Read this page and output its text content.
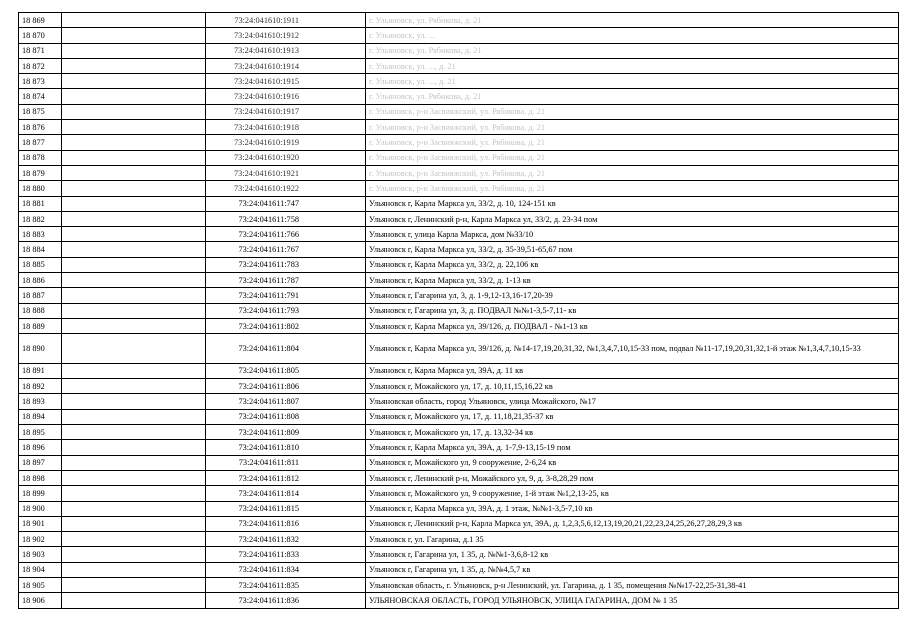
18 869		73:24:041610:1911	г. Ульяновск, ул. Рябикова, д. 21
18 870		73:24:041610:1912	г. Ульяновск, ул. ...
18 871		73:24:041610:1913	г. Ульяновск, ул. Рябикова, д. 21
18 872		73:24:041610:1914	г. Ульяновск, ул. ..., д. 21
18 873		73:24:041610:1915	г. Ульяновск, ул. ..., д. 21
18 874		73:24:041610:1916	г. Ульяновск, ул. Рябикова, д. 21
18 875		73:24:041610:1917	г. Ульяновск, р-н Засвияжский, ул. Рябикова, д. 21
18 876		73:24:041610:1918	г. Ульяновск, р-н Засвияжский, ул. Рябикова, д. 21
18 877		73:24:041610:1919	г. Ульяновск, р-н Засвияжский, ул. Рябикова, д. 21
18 878		73:24:041610:1920	г. Ульяновск, р-н Засвияжский, ул. Рябикова, д. 21
18 879		73:24:041610:1921	г. Ульяновск, р-н Засвияжский, ул. Рябикова, д. 21
18 880		73:24:041610:1922	г. Ульяновск, р-н Засвияжский, ул. Рябикова, д. 21
18 881		73:24:041611:747	Ульяновск г, Карла Маркса ул, 33/2, д. 10, 124-151 кв
18 882		73:24:041611:758	Ульяновск г, Ленинский р-н, Карла Маркса ул, 33/2, д. 23-34 пом
18 883		73:24:041611:766	Ульяновск г, улица Карла Маркса, дом №33/10
18 884		73:24:041611:767	Ульяновск г, Карла Маркса ул, 33/2, д. 35-39,51-65,67 пом
18 885		73:24:041611:783	Ульяновск г, Карла Маркса ул, 33/2, д. 22,106 кв
18 886		73:24:041611:787	Ульяновск г, Карла Маркса ул, 33/2, д. 1-13 кв
18 887		73:24:041611:791	Ульяновск г, Гагарина ул, 3, д. 1-9,12-13,16-17,20-39
18 888		73:24:041611:793	Ульяновск г, Гагарина ул, 3, д. ПОДВАЛ №№1-3,5-7,11- кв
18 889		73:24:041611:802	Ульяновск г, Карла Маркса ул, 39/126, д. ПОДВАЛ - №1-13 кв
18 890		73:24:041611:804	Ульяновск г, Карла Маркса ул, 39/126, д. №14-17,19,20,31,32, №1,3,4,7,10,15-33 пом, подвал №11-17,19,20,31,32,1-й этаж №1,3,4,7,10,15-33
18 891		73:24:041611:805	Ульяновск г, Карла Маркса ул, 39А, д. 11 кв
18 892		73:24:041611:806	Ульяновск г, Можайского ул, 17, д. 10,11,15,16,22 кв
18 893		73:24:041611:807	Ульяновская область, город Ульяновск, улица Можайского, №17
18 894		73:24:041611:808	Ульяновск г, Можайского ул, 17, д. 11,18,21,35-37 кв
18 895		73:24:041611:809	Ульяновск г, Можайского ул, 17, д. 13,32-34 кв
18 896		73:24:041611:810	Ульяновск г, Карла Маркса ул, 39А, д. 1-7,9-13,15-19 пом
18 897		73:24:041611:811	Ульяновск г, Можайского ул, 9 сооружение, 2-6,24 кв
18 898		73:24:041611:812	Ульяновск г, Ленинский р-н, Можайского ул, 9, д. 3-8,28,29 пом
18 899		73:24:041611:814	Ульяновск г, Можайского ул, 9 сооружение, 1-й этаж №1,2,13-25, кв
18 900		73:24:041611:815	Ульяновск г, Карла Маркса ул, 39А, д. 1 этаж, №№1-3,5-7,10 кв
18 901		73:24:041611:816	Ульяновск г, Ленинский р-н, Карла Маркса ул, 39А, д. 1,2,3,5,6,12,13,19,20,21,22,23,24,25,26,27,28,29,3 кв
18 902		73:24:041611:832	Ульяновск г, ул. Гагарина, д.1 35
18 903		73:24:041611:833	Ульяновск г, Гагарина ул, 1 35, д. №№1-3,6,8-12 кв
18 904		73:24:041611:834	Ульяновск г, Гагарина ул, 1 35, д. №№4,5,7 кв
18 905		73:24:041611:835	Ульяновская область, г. Ульяновск, р-н Ленинский, ул. Гагарина, д. 1 35, помещения №№17-22,25-31,38-41
18 906		73:24:041611:836	УЛЬЯНОВСКАЯ ОБЛАСТЬ, ГОРОД УЛЬЯНОВСК, УЛИЦА ГАГАРИНА, ДОМ № 1 35
